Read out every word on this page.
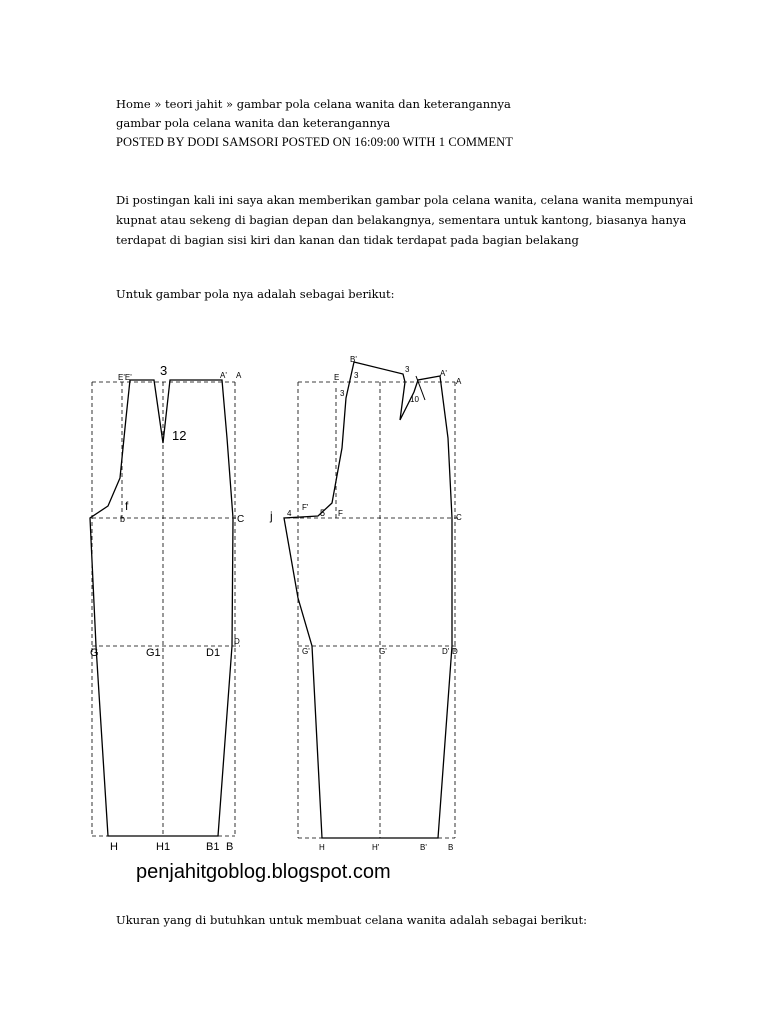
Home » teori jahit » gambar pola celana wanita dan keterangannya
gambar pola celana wanita dan keterangannya
POSTED BY DODI SAMSORI POSTED ON 16:09:00 WITH 1 COMMENT
Di postingan kali ini saya akan memberikan gambar pola celana wanita, celana wanita mempunyai
kupnat atau sekeng di bagian depan dan belakangnya, sementara untuk kantong, biasanya hanya
terdapat di bagian sisi kiri dan kanan dan tidak terdapat pada bagian belakang
Untuk gambar pola nya adalah sebagai berikut:
E'E' 3	A' A
12
f
b	C
D
G	G1	D1
H	H1	B1 B
B'
E 3
3	A'
A
3
10
j 4
F'
5 F	C
G'	G'	D' D
H	H'	B'	B
penjahitgoblog.blogspot.com
Ukuran yang di butuhkan untuk membuat celana wanita adalah sebagai berikut:
